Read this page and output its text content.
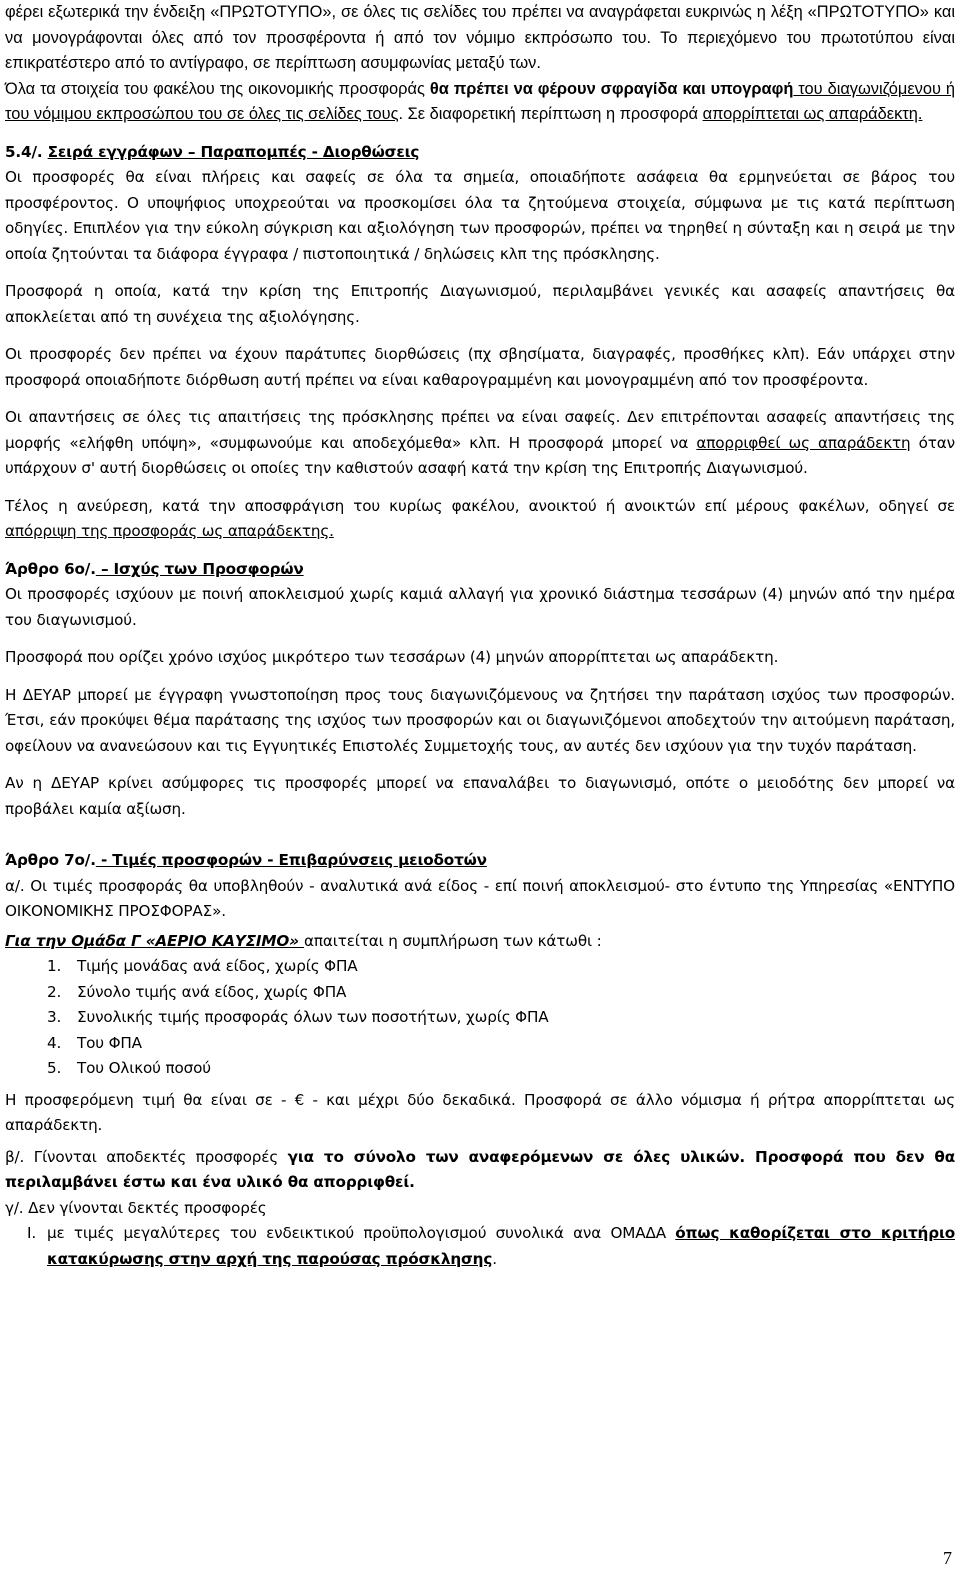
φέρει εξωτερικά την ένδειξη «ΠΡΩΤΟΤΥΠΟ», σε όλες τις σελίδες του πρέπει να αναγράφεται ευκρινώς η λέξη «ΠΡΩΤΟΤΥΠΟ» και να μονογράφονται όλες από τον προσφέροντα ή από τον νόμιμο εκπρόσωπο του. Το περιεχόμενο του πρωτοτύπου είναι επικρατέστερο από το αντίγραφο, σε περίπτωση ασυμφωνίας μεταξύ των.

Όλα τα στοιχεία του φακέλου της οικονομικής προσφοράς θα πρέπει να φέρουν σφραγίδα και υπογραφή του διαγωνιζόμενου ή του νόμιμου εκπροσώπου του σε όλες τις σελίδες τους. Σε διαφορετική περίπτωση η προσφορά απορρίπτεται ως απαράδεκτη.

5.4/. Σειρά εγγράφων – Παραπομπές - Διορθώσεις

Οι προσφορές θα είναι πλήρεις και σαφείς σε όλα τα σημεία, οποιαδήποτε ασάφεια θα ερμηνεύεται σε βάρος του προσφέροντος. Ο υποψήφιος υποχρεούται να προσκομίσει όλα τα ζητούμενα στοιχεία, σύμφωνα με τις κατά περίπτωση οδηγίες. Επιπλέον για την εύκολη σύγκριση και αξιολόγηση των προσφορών, πρέπει να τηρηθεί η σύνταξη και η σειρά με την οποία ζητούνται τα διάφορα έγγραφα / πιστοποιητικά / δηλώσεις κλπ της πρόσκλησης.

Προσφορά η οποία, κατά την κρίση της Επιτροπής Διαγωνισμού, περιλαμβάνει γενικές και ασαφείς απαντήσεις θα αποκλείεται από τη συνέχεια της αξιολόγησης.

Οι προσφορές δεν πρέπει να έχουν παράτυπες διορθώσεις (πχ σβησίματα, διαγραφές, προσθήκες κλπ). Εάν υπάρχει στην προσφορά οποιαδήποτε διόρθωση αυτή πρέπει να είναι καθαρογραμμένη και μονογραμμένη από τον προσφέροντα.

Οι απαντήσεις σε όλες τις απαιτήσεις της πρόσκλησης πρέπει να είναι σαφείς. Δεν επιτρέπονται ασαφείς απαντήσεις της μορφής «ελήφθη υπόψη», «συμφωνούμε και αποδεχόμεθα» κλπ. Η προσφορά μπορεί να απορριφθεί ως απαράδεκτη όταν υπάρχουν σ' αυτή διορθώσεις οι οποίες την καθιστούν ασαφή κατά την κρίση της Επιτροπής Διαγωνισμού.

Τέλος η ανεύρεση, κατά την αποσφράγιση του κυρίως φακέλου, ανοικτού ή ανοικτών επί μέρους φακέλων, οδηγεί σε απόρριψη της προσφοράς ως απαράδεκτης.

Άρθρο 6ο/. – Ισχύς των Προσφορών

Οι προσφορές ισχύουν με ποινή αποκλεισμού χωρίς καμιά αλλαγή για χρονικό διάστημα τεσσάρων (4) μηνών από την ημέρα του διαγωνισμού.

Προσφορά που ορίζει χρόνο ισχύος μικρότερο των τεσσάρων (4) μηνών απορρίπτεται ως απαράδεκτη.

Η ΔΕΥΑΡ μπορεί με έγγραφη γνωστοποίηση προς τους διαγωνιζόμενους να ζητήσει την παράταση ισχύος των προσφορών. Έτσι, εάν προκύψει θέμα παράτασης της ισχύος των προσφορών και οι διαγωνιζόμενοι αποδεχτούν την αιτούμενη παράταση, οφείλουν να ανανεώσουν και τις Εγγυητικές Επιστολές Συμμετοχής τους, αν αυτές δεν ισχύουν για την τυχόν παράταση.

Αν η ΔΕΥΑΡ κρίνει ασύμφορες τις προσφορές μπορεί να επαναλάβει το διαγωνισμό, οπότε ο μειοδότης δεν μπορεί να προβάλει καμία αξίωση.

Άρθρο 7ο/. - Τιμές προσφορών - Επιβαρύνσεις μειοδοτών

α/. Οι τιμές προσφοράς θα υποβληθούν - αναλυτικά ανά είδος - επί ποινή αποκλεισμού- στο έντυπο της Υπηρεσίας «ΕΝΤΥΠΟ ΟΙΚΟΝΟΜΙΚΗΣ ΠΡΟΣΦΟΡΑΣ».

Για την Ομάδα Γ «ΑΕΡΙΟ ΚΑΥΣΙΜΟ» απαιτείται η συμπλήρωση των κάτωθι :

1.	Τιμής μονάδας ανά είδος, χωρίς ΦΠΑ
2.	Σύνολο τιμής ανά είδος, χωρίς ΦΠΑ
3.	Συνολικής τιμής προσφοράς όλων των ποσοτήτων, χωρίς ΦΠΑ
4.	Του ΦΠΑ
5.	Του Ολικού ποσού

Η προσφερόμενη τιμή θα είναι σε - € - και μέχρι δύο δεκαδικά. Προσφορά σε άλλο νόμισμα ή ρήτρα απορρίπτεται ως απαράδεκτη.

β/. Γίνονται αποδεκτές προσφορές για το σύνολο των αναφερόμενων σε όλες υλικών. Προσφορά που δεν θα περιλαμβάνει έστω και ένα υλικό θα απορριφθεί.

γ/. Δεν γίνονται δεκτές προσφορές

Ι. με τιμές μεγαλύτερες του ενδεικτικού προϋπολογισμού συνολικά ανα ΟΜΑΔΑ όπως καθορίζεται στο κριτήριο κατακύρωσης στην αρχή της παρούσας πρόσκλησης.

7
